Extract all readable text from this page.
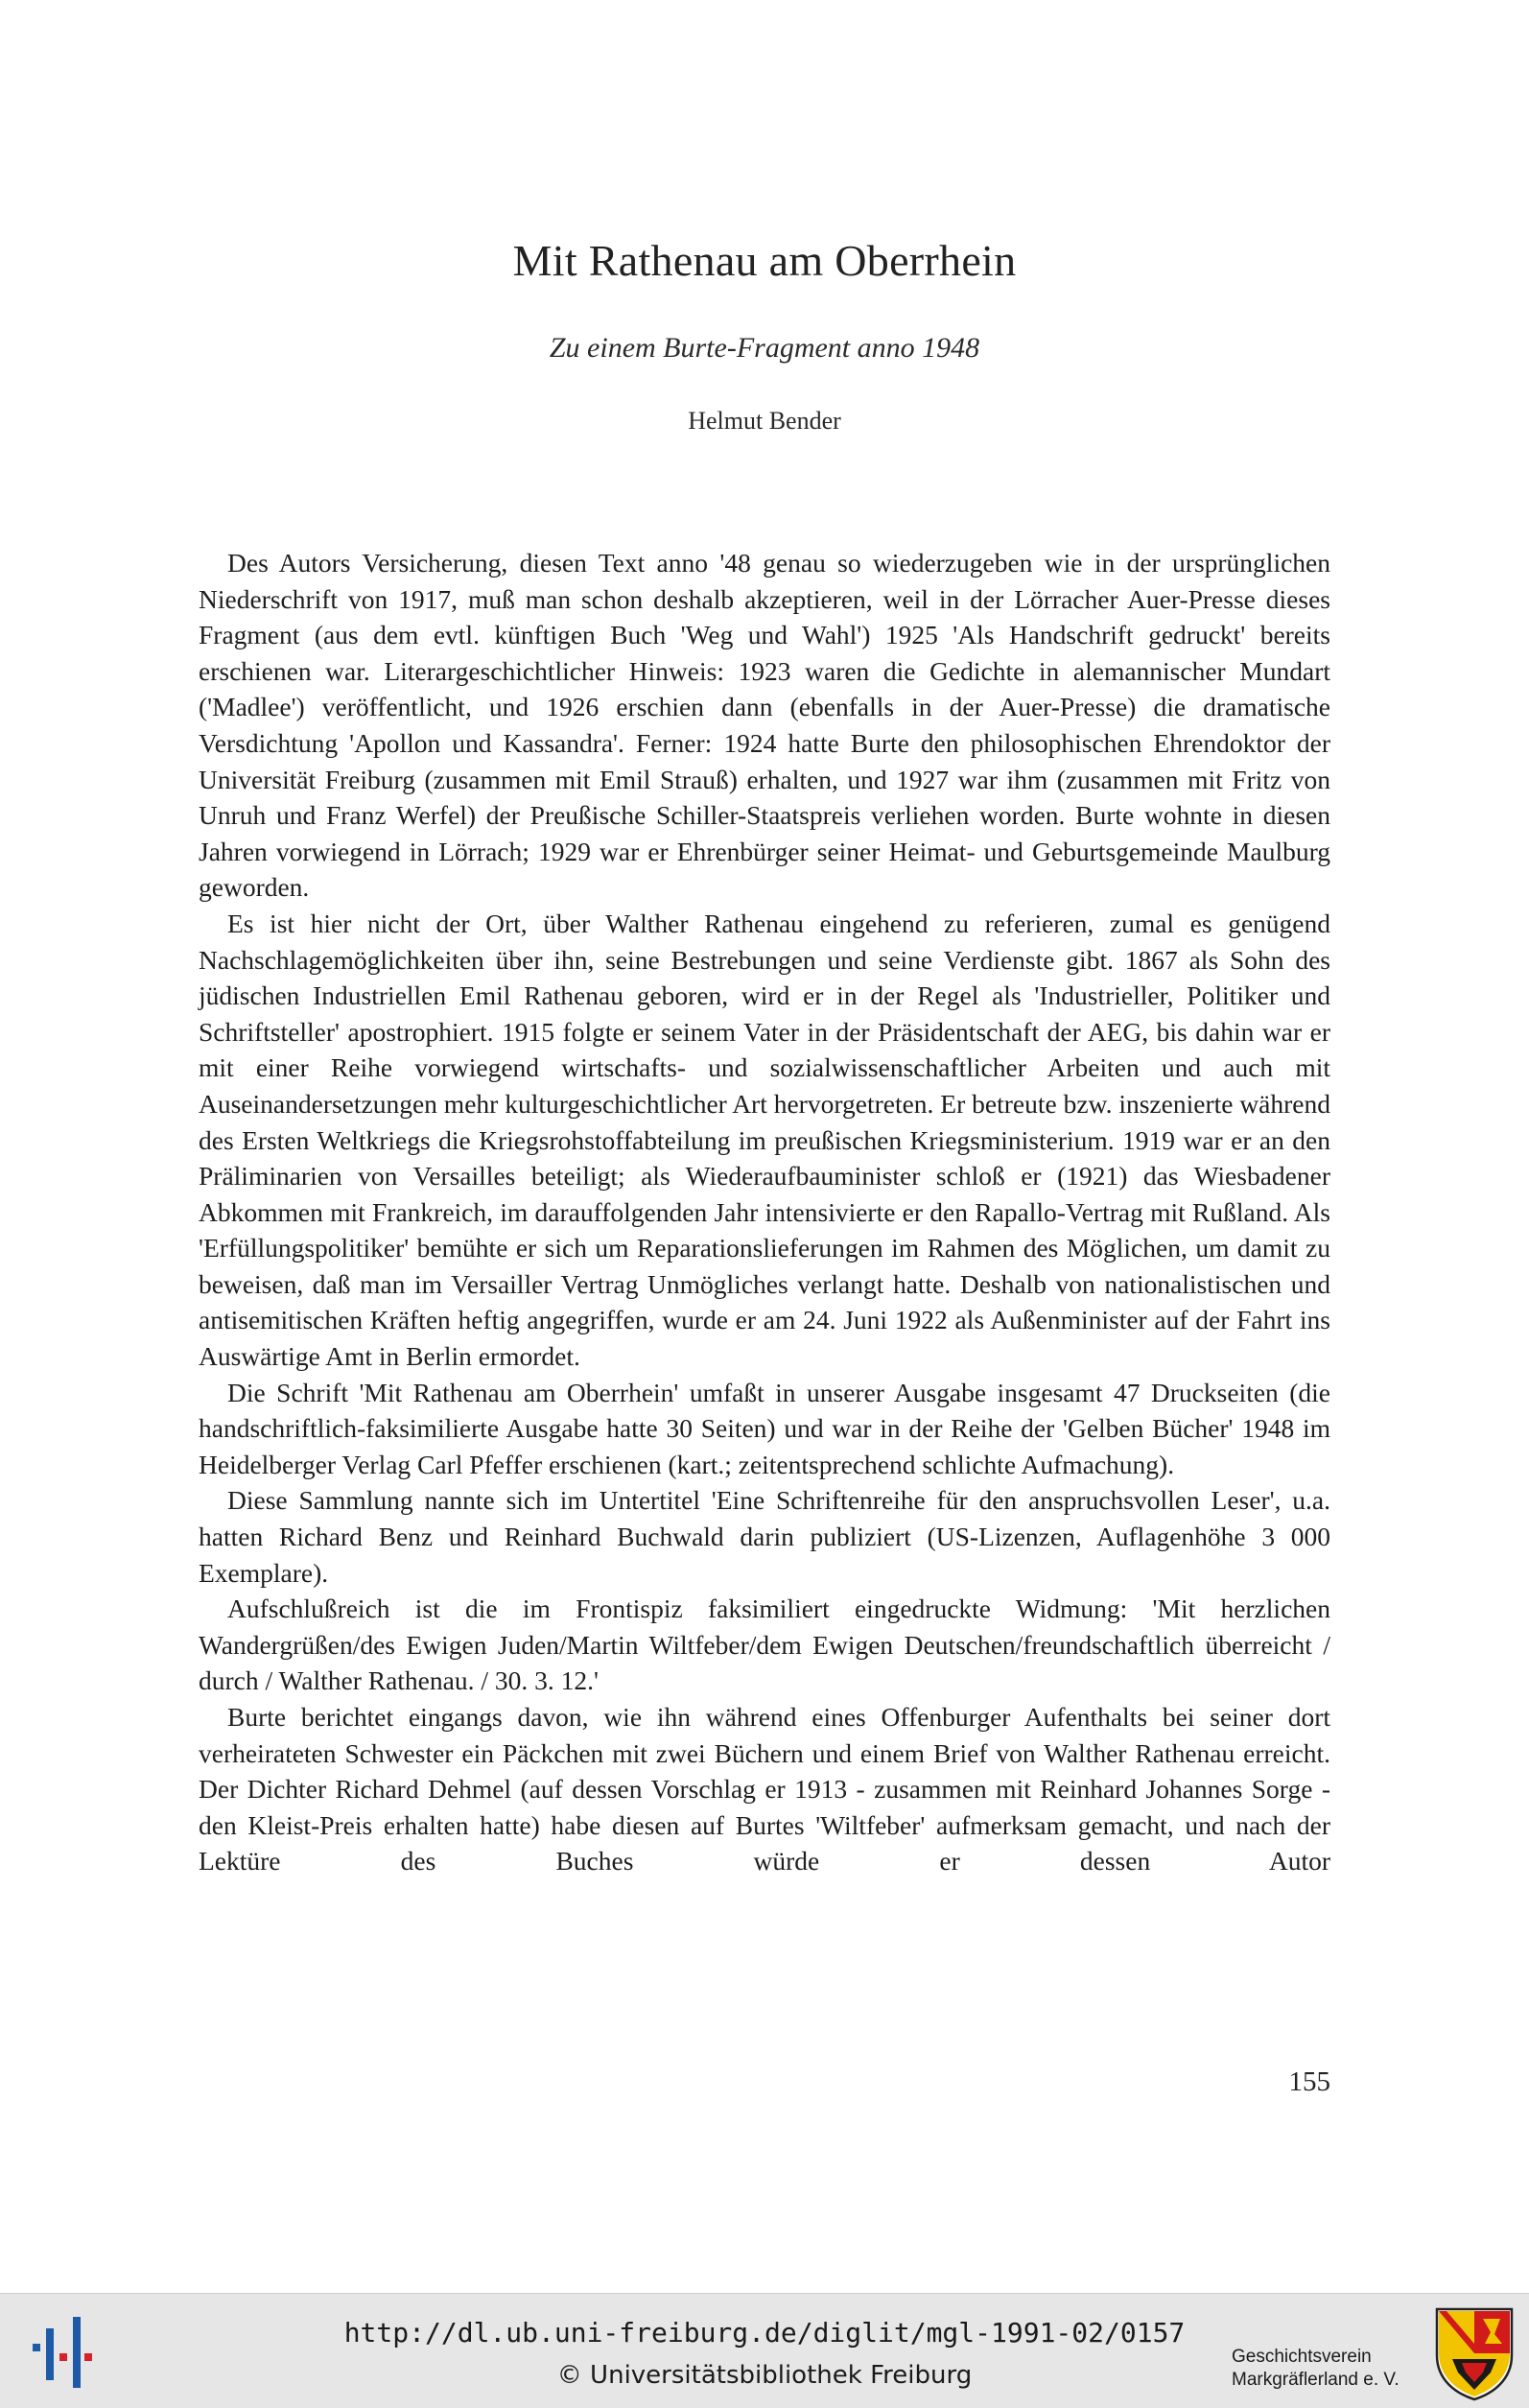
Mit Rathenau am Oberrhein
Zu einem Burte-Fragment anno 1948
Helmut Bender

Des Autors Versicherung, diesen Text anno '48 genau so wiederzugeben wie in der ursprünglichen Niederschrift von 1917, muß man schon deshalb akzeptieren, weil in der Lörracher Auer-Presse dieses Fragment (aus dem evtl. künftigen Buch 'Weg und Wahl') 1925 'Als Handschrift gedruckt' bereits erschienen war. Literargeschichtlicher Hinweis: 1923 waren die Gedichte in alemannischer Mundart ('Madlee') veröffentlicht, und 1926 erschien dann (ebenfalls in der Auer-Presse) die dramatische Versdichtung 'Apollon und Kassandra'. Ferner: 1924 hatte Burte den philosophischen Ehrendoktor der Universität Freiburg (zusammen mit Emil Strauß) erhalten, und 1927 war ihm (zusammen mit Fritz von Unruh und Franz Werfel) der Preußische Schiller-Staatspreis verliehen worden. Burte wohnte in diesen Jahren vorwiegend in Lörrach; 1929 war er Ehrenbürger seiner Heimat- und Geburtsgemeinde Maulburg geworden.

Es ist hier nicht der Ort, über Walther Rathenau eingehend zu referieren, zumal es genügend Nachschlagemöglichkeiten über ihn, seine Bestrebungen und seine Verdienste gibt. 1867 als Sohn des jüdischen Industriellen Emil Rathenau geboren, wird er in der Regel als 'Industrieller, Politiker und Schriftsteller' apostrophiert. 1915 folgte er seinem Vater in der Präsidentschaft der AEG, bis dahin war er mit einer Reihe vorwiegend wirtschafts- und sozialwissenschaftlicher Arbeiten und auch mit Auseinandersetzungen mehr kulturgeschichtlicher Art hervorgetreten. Er betreute bzw. inszenierte während des Ersten Weltkriegs die Kriegsrohstoffabteilung im preußischen Kriegsministerium. 1919 war er an den Präliminarien von Versailles beteiligt; als Wiederaufbauminister schloß er (1921) das Wiesbadener Abkommen mit Frankreich, im darauffolgenden Jahr intensivierte er den Rapallo-Vertrag mit Rußland. Als 'Erfüllungspolitiker' bemühte er sich um Reparationslieferungen im Rahmen des Möglichen, um damit zu beweisen, daß man im Versailler Vertrag Unmögliches verlangt hatte. Deshalb von nationalistischen und antisemitischen Kräften heftig angegriffen, wurde er am 24. Juni 1922 als Außenminister auf der Fahrt ins Auswärtige Amt in Berlin ermordet.

Die Schrift 'Mit Rathenau am Oberrhein' umfaßt in unserer Ausgabe insgesamt 47 Druckseiten (die handschriftlich-faksimilierte Ausgabe hatte 30 Seiten) und war in der Reihe der 'Gelben Bücher' 1948 im Heidelberger Verlag Carl Pfeffer erschienen (kart.; zeitentsprechend schlichte Aufmachung).

Diese Sammlung nannte sich im Untertitel 'Eine Schriftenreihe für den anspruchsvollen Leser', u.a. hatten Richard Benz und Reinhard Buchwald darin publiziert (US-Lizenzen, Auflagenhöhe 3 000 Exemplare).

Aufschlußreich ist die im Frontispiz faksimiliert eingedruckte Widmung: 'Mit herzlichen Wandergrüßen/des Ewigen Juden/Martin Wiltfeber/dem Ewigen Deutschen/freundschaftlich überreicht / durch / Walther Rathenau. / 30. 3. 12.'

Burte berichtet eingangs davon, wie ihn während eines Offenburger Aufenthalts bei seiner dort verheirateten Schwester ein Päckchen mit zwei Büchern und einem Brief von Walther Rathenau erreicht. Der Dichter Richard Dehmel (auf dessen Vorschlag er 1913 - zusammen mit Reinhard Johannes Sorge - den Kleist-Preis erhalten hatte) habe diesen auf Burtes 'Wiltfeber' aufmerksam gemacht, und nach der Lektüre des Buches würde er dessen Autor

155
http://dl.ub.uni-freiburg.de/diglit/mgl-1991-02/0157
© Universitätsbibliothek Freiburg
Geschichtsverein
Markgräflerland e. V.
